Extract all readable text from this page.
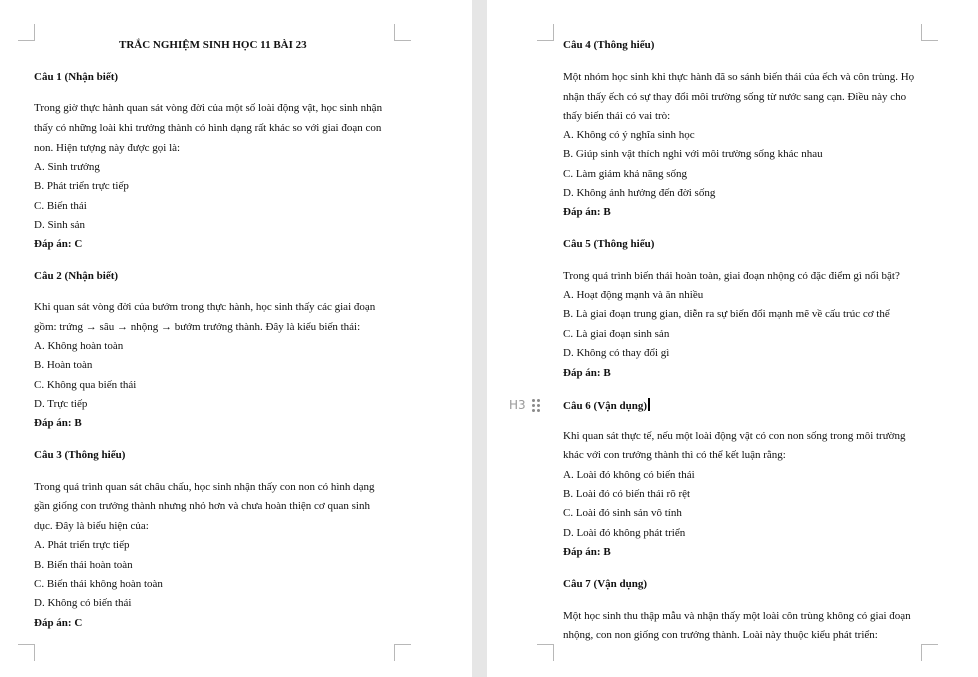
TRẮC NGHIỆM SINH HỌC 11 BÀI 23
Câu 1 (Nhận biết)
Trong giờ thực hành quan sát vòng đời của một số loài động vật, học sinh nhận
thấy có những loài khi trưởng thành có hình dạng rất khác so với giai đoạn con
non. Hiện tượng này được gọi là:
A. Sinh trưởng
B. Phát triển trực tiếp
C. Biến thái
D. Sinh sản
Đáp án: C
Câu 2 (Nhận biết)
Khi quan sát vòng đời của bướm trong thực hành, học sinh thấy các giai đoạn
gồm: trứng → sâu → nhộng → bướm trưởng thành. Đây là kiểu biến thái:
A. Không hoàn toàn
B. Hoàn toàn
C. Không qua biến thái
D. Trực tiếp
Đáp án: B
Câu 3 (Thông hiểu)
Trong quá trình quan sát châu chấu, học sinh nhận thấy con non có hình dạng
gần giống con trưởng thành nhưng nhỏ hơn và chưa hoàn thiện cơ quan sinh
dục. Đây là biểu hiện của:
A. Phát triển trực tiếp
B. Biến thái hoàn toàn
C. Biến thái không hoàn toàn
D. Không có biến thái
Đáp án: C
Câu 4 (Thông hiểu)
Một nhóm học sinh khi thực hành đã so sánh biến thái của ếch và côn trùng. Họ
nhận thấy ếch có sự thay đổi môi trường sống từ nước sang cạn. Điều này cho
thấy biến thái có vai trò:
A. Không có ý nghĩa sinh học
B. Giúp sinh vật thích nghi với môi trường sống khác nhau
C. Làm giảm khả năng sống
D. Không ảnh hưởng đến đời sống
Đáp án: B
Câu 5 (Thông hiểu)
Trong quá trình biến thái hoàn toàn, giai đoạn nhộng có đặc điểm gì nổi bật?
A. Hoạt động mạnh và ăn nhiều
B. Là giai đoạn trung gian, diễn ra sự biến đổi mạnh mẽ về cấu trúc cơ thể
C. Là giai đoạn sinh sản
D. Không có thay đổi gì
Đáp án: B
Câu 6 (Vận dụng)
Khi quan sát thực tế, nếu một loài động vật có con non sống trong môi trường
khác với con trưởng thành thì có thể kết luận rằng:
A. Loài đó không có biến thái
B. Loài đó có biến thái rõ rệt
C. Loài đó sinh sản vô tính
D. Loài đó không phát triển
Đáp án: B
Câu 7 (Vận dụng)
Một học sinh thu thập mẫu và nhận thấy một loài côn trùng không có giai đoạn
nhộng, con non giống con trưởng thành. Loài này thuộc kiểu phát triển:
H3
